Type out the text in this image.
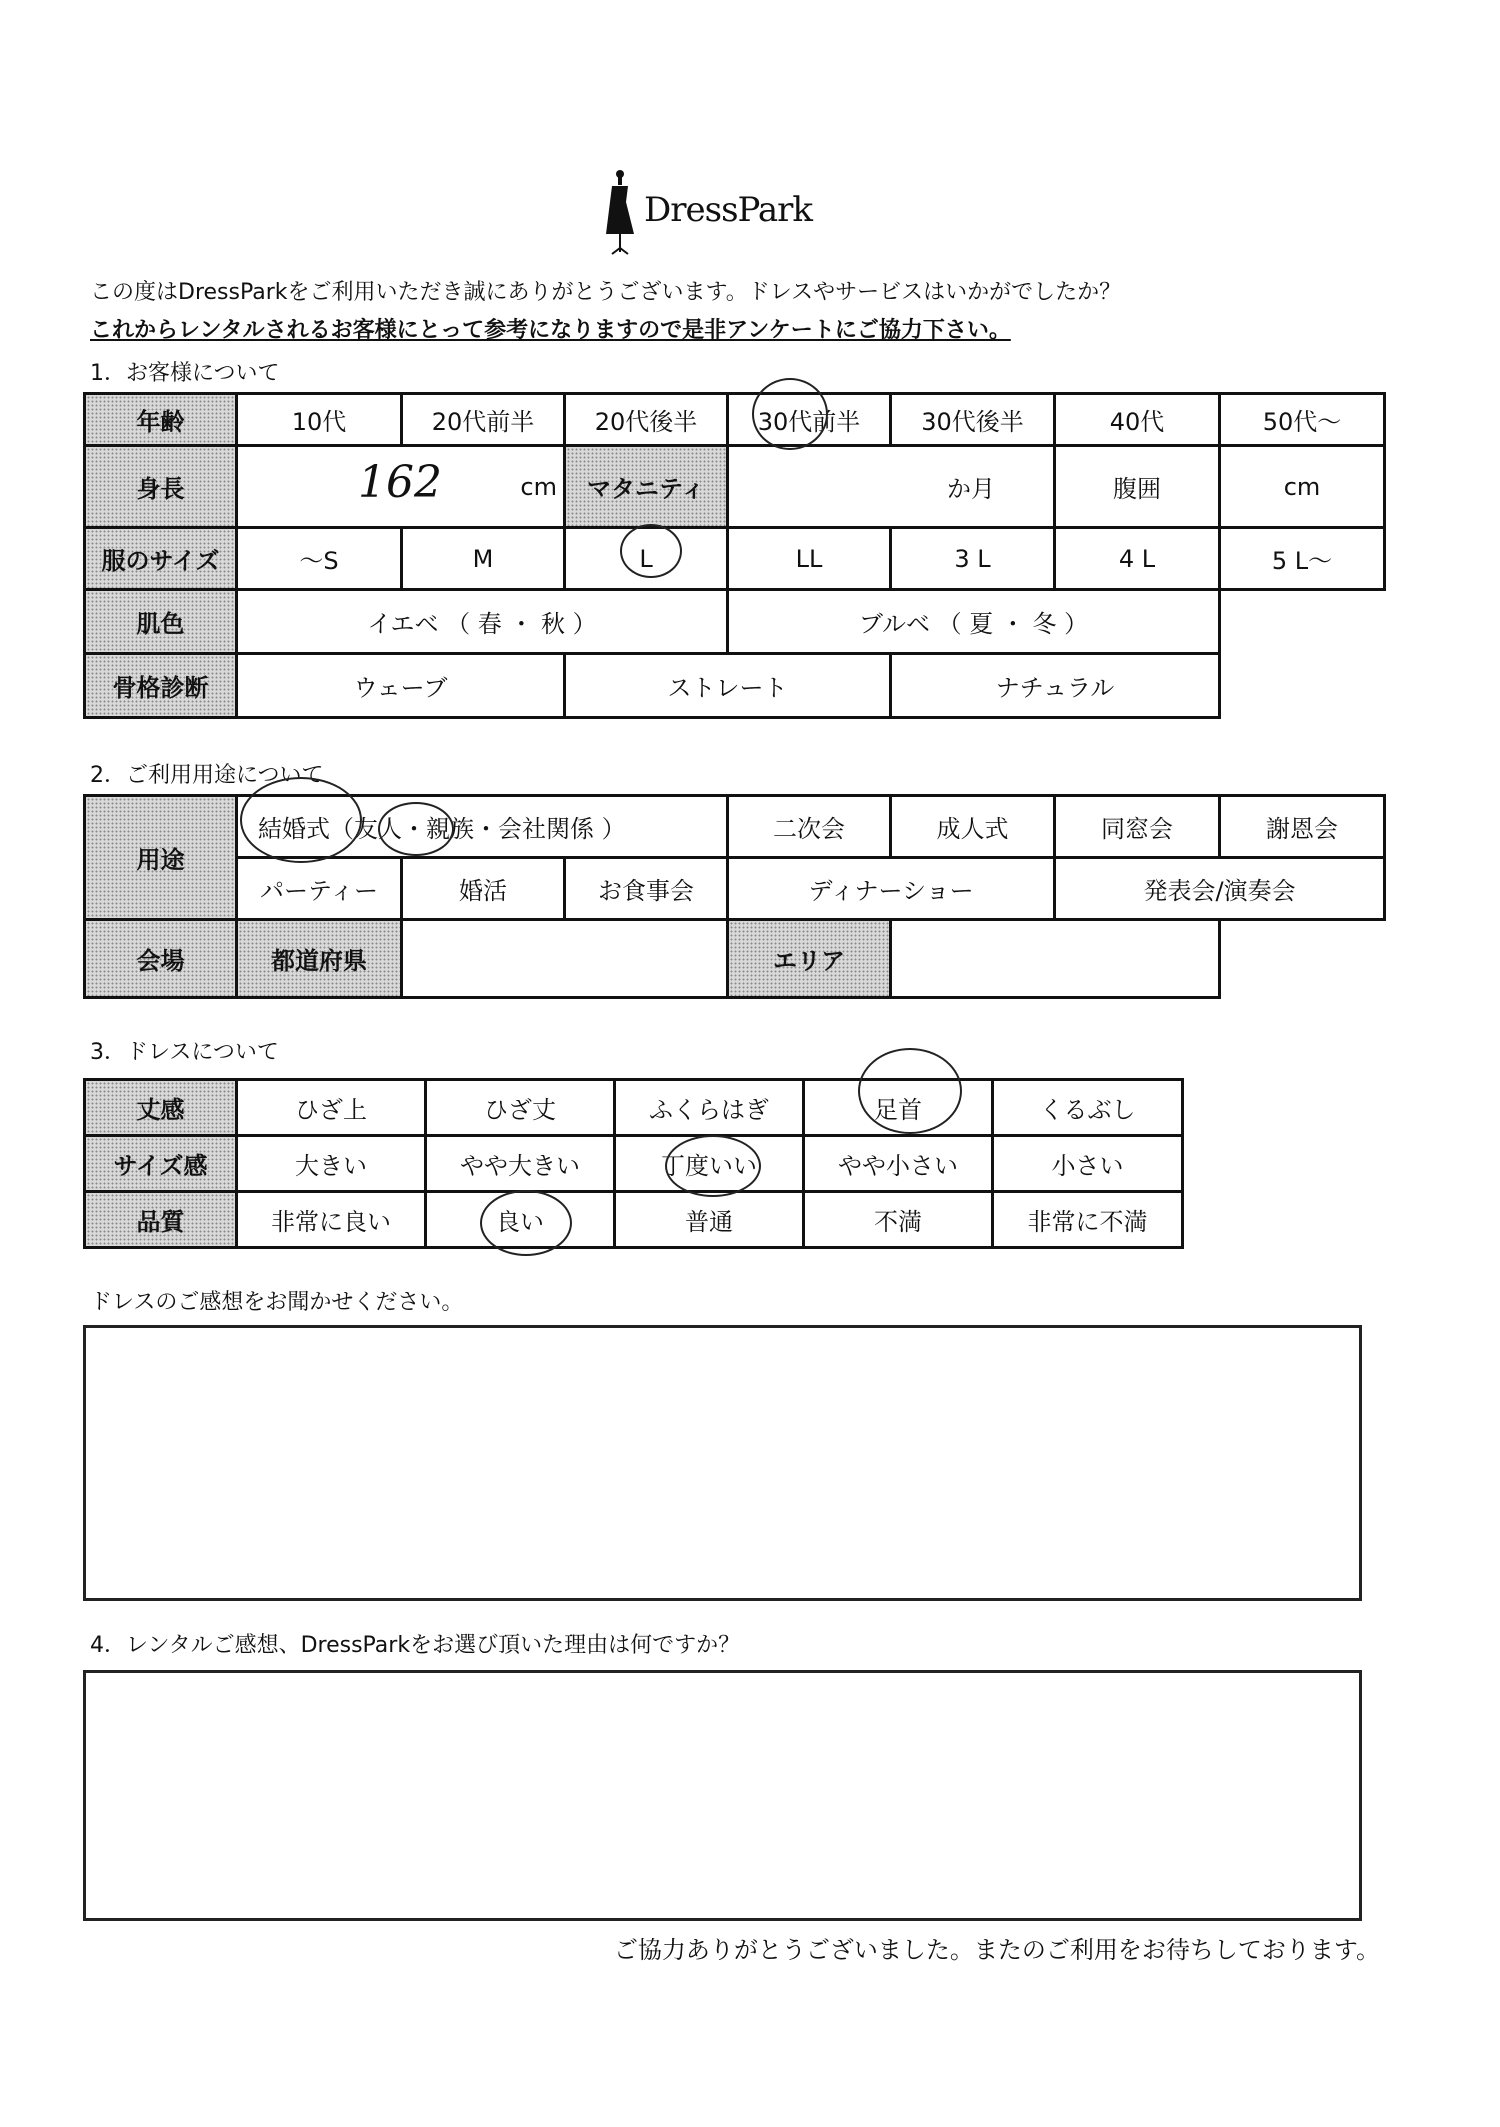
DressPark
この度はDressParkをご利用いただき誠にありがとうございます。ドレスやサービスはいかがでしたか？
これからレンタルされるお客様にとって参考になりますので是非アンケートにご協力下さい。
1．お客様について
年齢	10代	20代前半	20代後半	30代前半	30代後半	40代	50代～
身長	162 cm		マタニティ	か月		腹囲	cm
服のサイズ	～S	M	L	LL	3 L	4 L	5 L～
肌色	イエベ （ 春 ・ 秋 ）			ブルベ （ 夏 ・ 冬 ）			
骨格診断	ウェーブ		ストレート		ナチュラル		
2．ご利用用途について
用途	結婚式（友人・親族・会社関係 ）			二次会	成人式	同窓会	謝恩会
	パーティー	婚活	お食事会	ディナーショー		発表会/演奏会	
会場	都道府県			エリア			
3．ドレスについて
丈感	ひざ上	ひざ丈	ふくらはぎ	足首	くるぶし
サイズ感	大きい	やや大きい	丁度いい	やや小さい	小さい
品質	非常に良い	良い	普通	不満	非常に不満
ドレスのご感想をお聞かせください。
4．レンタルご感想、DressParkをお選び頂いた理由は何ですか？
ご協力ありがとうございました。またのご利用をお待ちしております。
